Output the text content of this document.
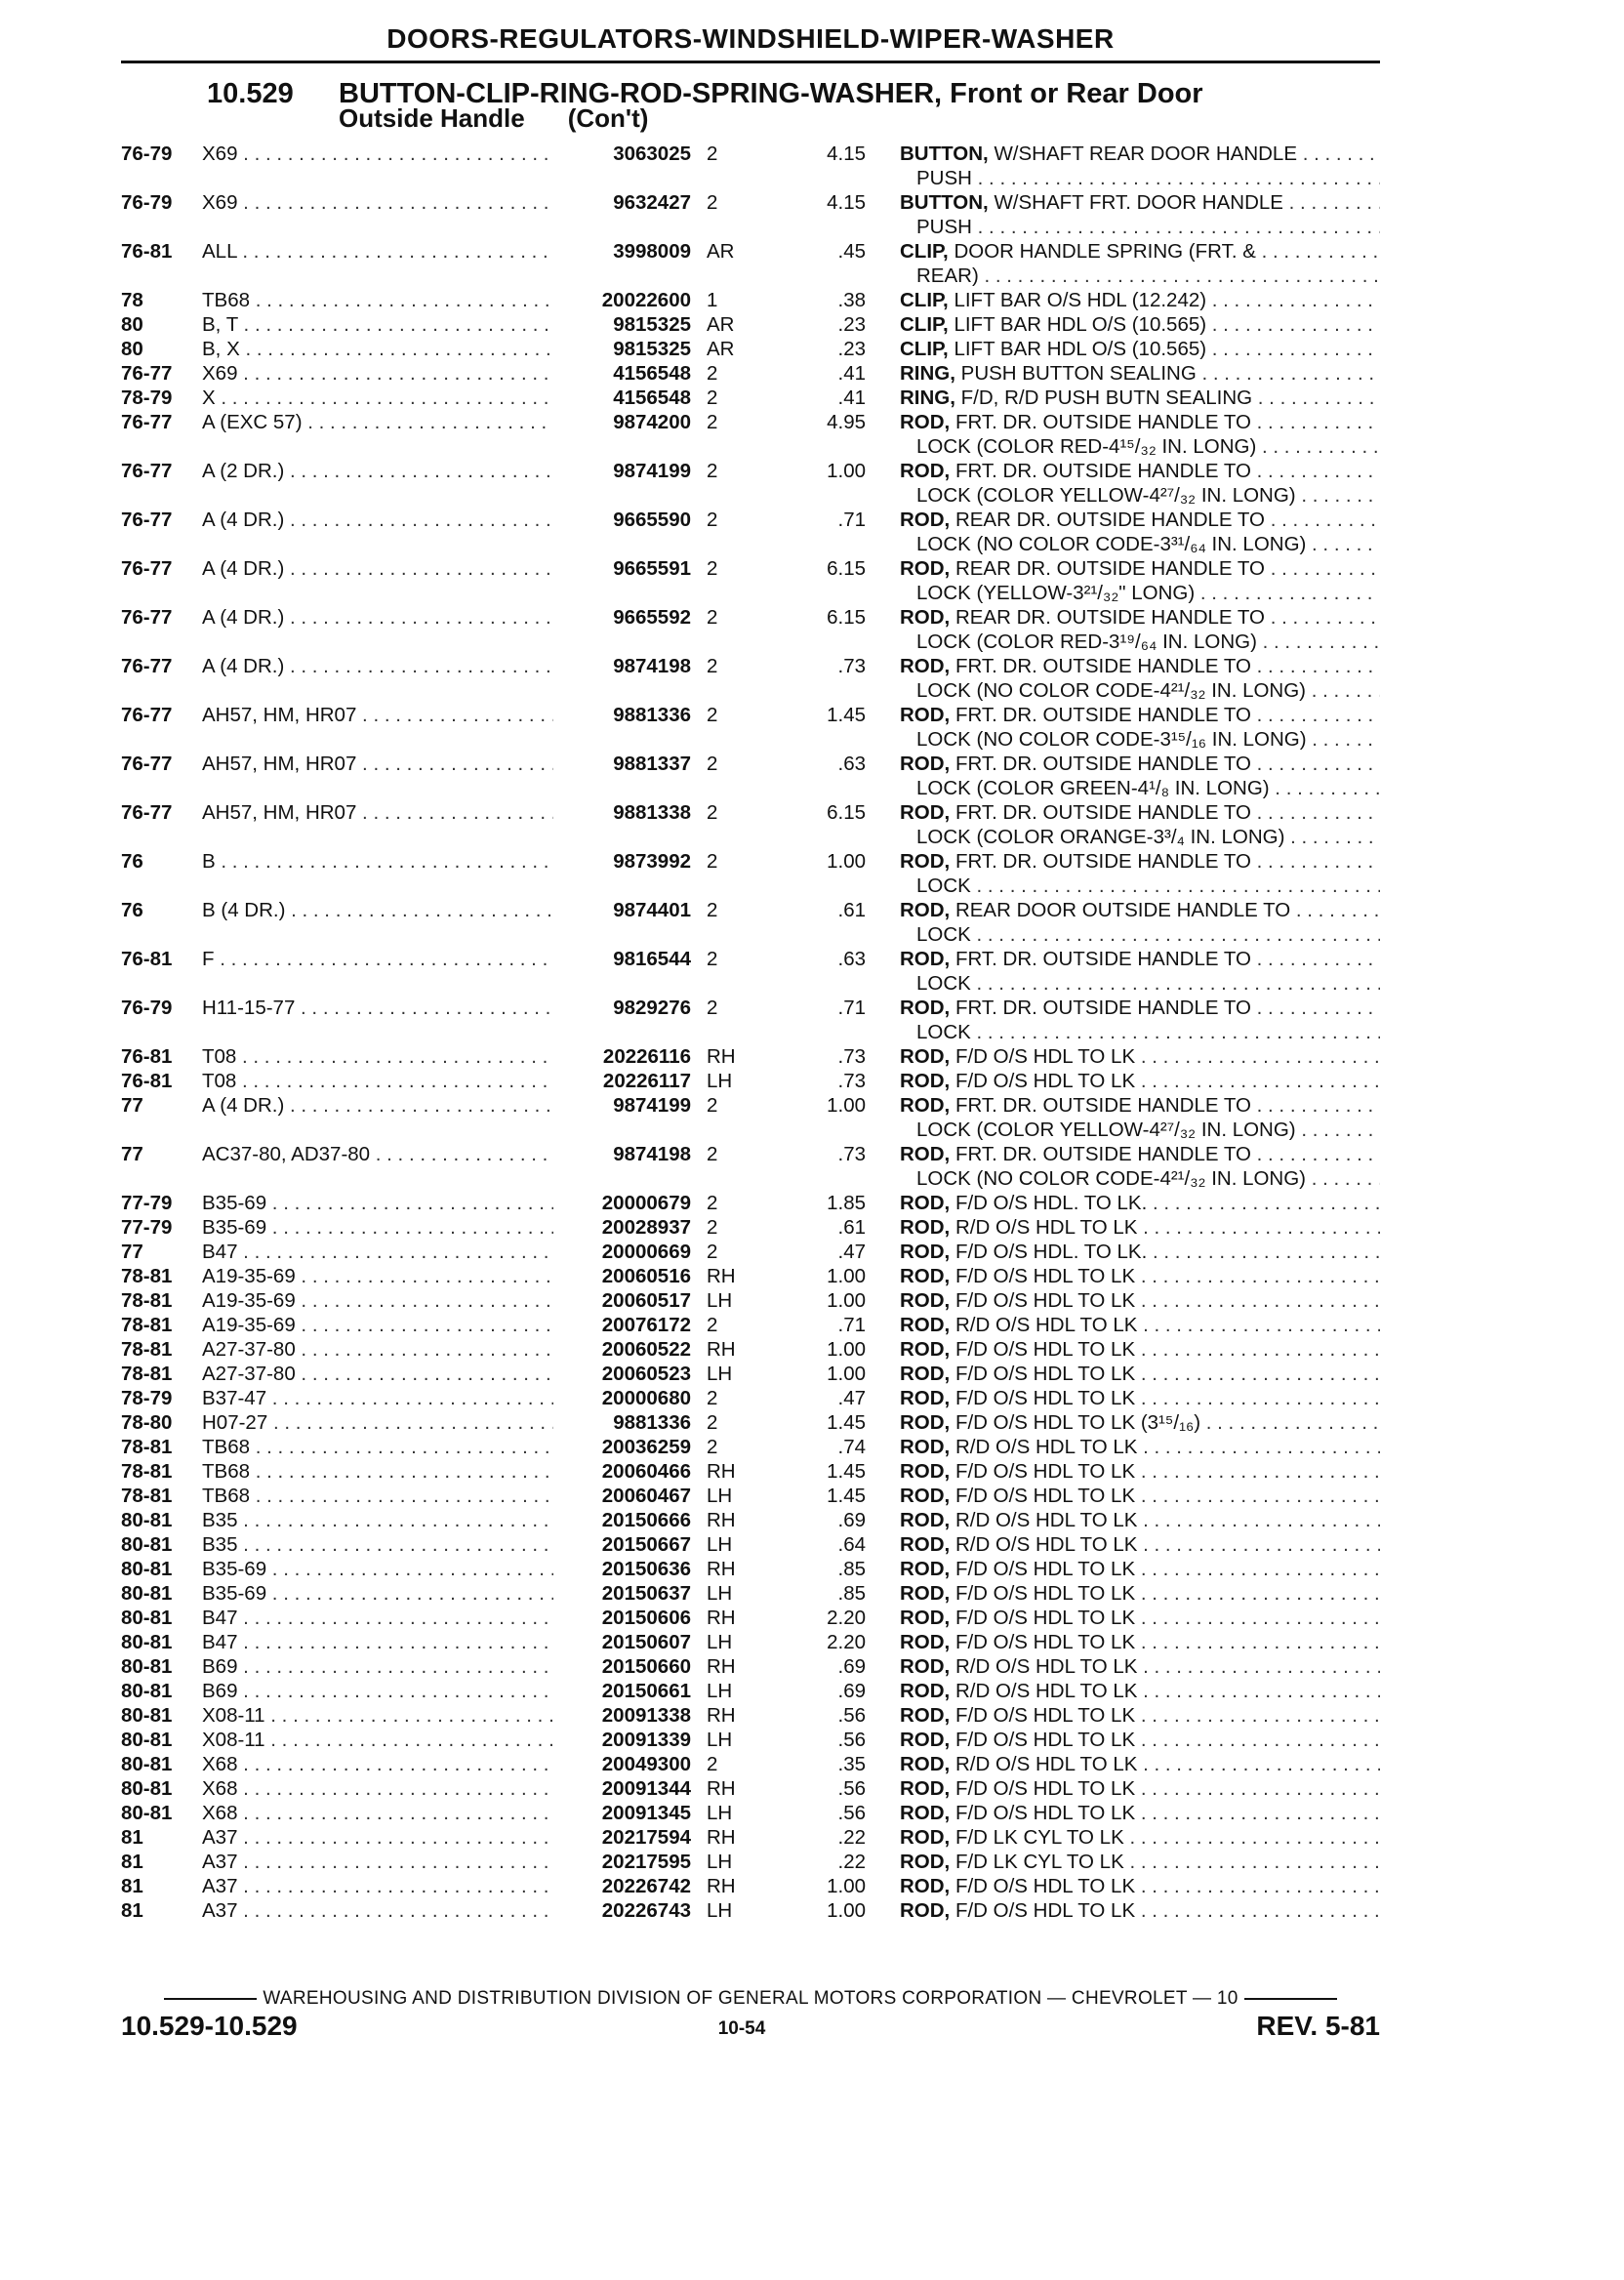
DOORS-REGULATORS-WINDSHIELD-WIPER-WASHER
10.529 BUTTON-CLIP-RING-ROD-SPRING-WASHER, Front or Rear Door
Outside Handle (Con't)
76-79 X69 . . .	3063025 2	4.15 BUTTON, W/SHAFT REAR DOOR HANDLE . . .
PUSH . . .
76-79 X69 . . .	9632427 2	4.15 BUTTON, W/SHAFT FRT. DOOR HANDLE . . .
PUSH . . .
76-81 ALL . . .	3998009 AR	.45 CLIP, DOOR HANDLE SPRING (FRT. & . . .
REAR) . . .
78	TB68 . . .	20022600 1	.38 CLIP, LIFT BAR O/S HDL (12.242) . . .
80	B, T . . .	9815325 AR	.23 CLIP, LIFT BAR HDL O/S (10.565) . . .
80	B, X . . .	9815325 AR	.23 CLIP, LIFT BAR HDL O/S (10.565) . . .
76-77 X69 . . .	4156548 2	.41 RING, PUSH BUTTON SEALING . . .
78-79 X . . .	4156548 2	.41 RING, F/D, R/D PUSH BUTN SEALING . . .
76-77 A (EXC 57) . . .	9874200 2	4.95 ROD, FRT. DR. OUTSIDE HANDLE TO . . .
LOCK (COLOR RED-4¹⁵/₃₂ IN. LONG) . . .
76-77 A (2 DR.) . . .	9874199 2	1.00 ROD, FRT. DR. OUTSIDE HANDLE TO . . .
LOCK (COLOR YELLOW-4²⁷/₃₂ IN. LONG) . . .
76-77 A (4 DR.) . . .	9665590 2	.71 ROD, REAR DR. OUTSIDE HANDLE TO . . .
LOCK (NO COLOR CODE-3³¹/₆₄ IN. LONG) . . .
76-77 A (4 DR.) . . .	9665591 2	6.15 ROD, REAR DR. OUTSIDE HANDLE TO . . .
LOCK (YELLOW-3²¹/₃₂" LONG) . . .
76-77 A (4 DR.) . . .	9665592 2	6.15 ROD, REAR DR. OUTSIDE HANDLE TO . . .
LOCK (COLOR RED-3¹⁹/₆₄ IN. LONG) . . .
76-77 A (4 DR.) . . .	9874198 2	.73 ROD, FRT. DR. OUTSIDE HANDLE TO . . .
LOCK (NO COLOR CODE-4²¹/₃₂ IN. LONG) . . .
76-77 AH57, HM, HR07 . . .	9881336 2	1.45 ROD, FRT. DR. OUTSIDE HANDLE TO . . .
LOCK (NO COLOR CODE-3¹⁵/₁₆ IN. LONG) . . .
76-77 AH57, HM, HR07 . . .	9881337 2	.63 ROD, FRT. DR. OUTSIDE HANDLE TO . . .
LOCK (COLOR GREEN-4¹/₈ IN. LONG) . . .
76-77 AH57, HM, HR07 . . .	9881338 2	6.15 ROD, FRT. DR. OUTSIDE HANDLE TO . . .
LOCK (COLOR ORANGE-3³/₄ IN. LONG) . . .
76	B . . .	9873992 2	1.00 ROD, FRT. DR. OUTSIDE HANDLE TO . . .
LOCK . . .
76	B (4 DR.) . . .	9874401 2	.61 ROD, REAR DOOR OUTSIDE HANDLE TO . . .
LOCK . . .
76-81 F . . .	9816544 2	.63 ROD, FRT. DR. OUTSIDE HANDLE TO . . .
LOCK . . .
76-79 H11-15-77 . . .	9829276 2	.71 ROD, FRT. DR. OUTSIDE HANDLE TO . . .
LOCK . . .
76-81 T08 . . .	20226116 RH	.73 ROD, F/D O/S HDL TO LK . . .
76-81 T08 . . .	20226117 LH	.73 ROD, F/D O/S HDL TO LK . . .
77	A (4 DR.) . . .	9874199 2	1.00 ROD, FRT. DR. OUTSIDE HANDLE TO . . .
LOCK (COLOR YELLOW-4²⁷/₃₂ IN. LONG) . . .
77	AC37-80, AD37-80 . . .	9874198 2	.73 ROD, FRT. DR. OUTSIDE HANDLE TO . . .
LOCK (NO COLOR CODE-4²¹/₃₂ IN. LONG) . . .
77-79 B35-69 . . .	20000679 2	1.85 ROD, F/D O/S HDL. TO LK. . . .
77-79 B35-69 . . .	20028937 2	.61 ROD, R/D O/S HDL TO LK . . .
77	B47 . . .	20000669 2	.47 ROD, F/D O/S HDL. TO LK. . . .
78-81 A19-35-69 . . .	20060516 RH	1.00 ROD, F/D O/S HDL TO LK . . .
78-81 A19-35-69 . . .	20060517 LH	1.00 ROD, F/D O/S HDL TO LK . . .
78-81 A19-35-69 . . .	20076172 2	.71 ROD, R/D O/S HDL TO LK . . .
78-81 A27-37-80 . . .	20060522 RH	1.00 ROD, F/D O/S HDL TO LK . . .
78-81 A27-37-80 . . .	20060523 LH	1.00 ROD, F/D O/S HDL TO LK . . .
78-79 B37-47 . . .	20000680 2	.47 ROD, F/D O/S HDL TO LK . . .
78-80 H07-27 . . .	9881336 2	1.45 ROD, F/D O/S HDL TO LK (3¹⁵/₁₆) . . .
78-81 TB68 . . .	20036259 2	.74 ROD, R/D O/S HDL TO LK . . .
78-81 TB68 . . .	20060466 RH	1.45 ROD, F/D O/S HDL TO LK . . .
78-81 TB68 . . .	20060467 LH	1.45 ROD, F/D O/S HDL TO LK . . .
80-81 B35 . . .	20150666 RH	.69 ROD, R/D O/S HDL TO LK . . .
80-81 B35 . . .	20150667 LH	.64 ROD, R/D O/S HDL TO LK . . .
80-81 B35-69 . . .	20150636 RH	.85 ROD, F/D O/S HDL TO LK . . .
80-81 B35-69 . . .	20150637 LH	.85 ROD, F/D O/S HDL TO LK . . .
80-81 B47 . . .	20150606 RH	2.20 ROD, F/D O/S HDL TO LK . . .
80-81 B47 . . .	20150607 LH	2.20 ROD, F/D O/S HDL TO LK . . .
80-81 B69 . . .	20150660 RH	.69 ROD, R/D O/S HDL TO LK . . .
80-81 B69 . . .	20150661 LH	.69 ROD, R/D O/S HDL TO LK . . .
80-81 X08-11 . . .	20091338 RH	.56 ROD, F/D O/S HDL TO LK . . .
80-81 X08-11 . . .	20091339 LH	.56 ROD, F/D O/S HDL TO LK . . .
80-81 X68 . . .	20049300 2	.35 ROD, R/D O/S HDL TO LK . . .
80-81 X68 . . .	20091344 RH	.56 ROD, F/D O/S HDL TO LK . . .
80-81 X68 . . .	20091345 LH	.56 ROD, F/D O/S HDL TO LK . . .
81	A37 . . .	20217594 RH	.22 ROD, F/D LK CYL TO LK . . .
81	A37 . . .	20217595 LH	.22 ROD, F/D LK CYL TO LK . . .
81	A37 . . .	20226742 RH	1.00 ROD, F/D O/S HDL TO LK . . .
81	A37 . . .	20226743 LH	1.00 ROD, F/D O/S HDL TO LK . . .
WAREHOUSING AND DISTRIBUTION DIVISION OF GENERAL MOTORS CORPORATION — CHEVROLET — 10
10.529-10.529	10-54	REV. 5-81
